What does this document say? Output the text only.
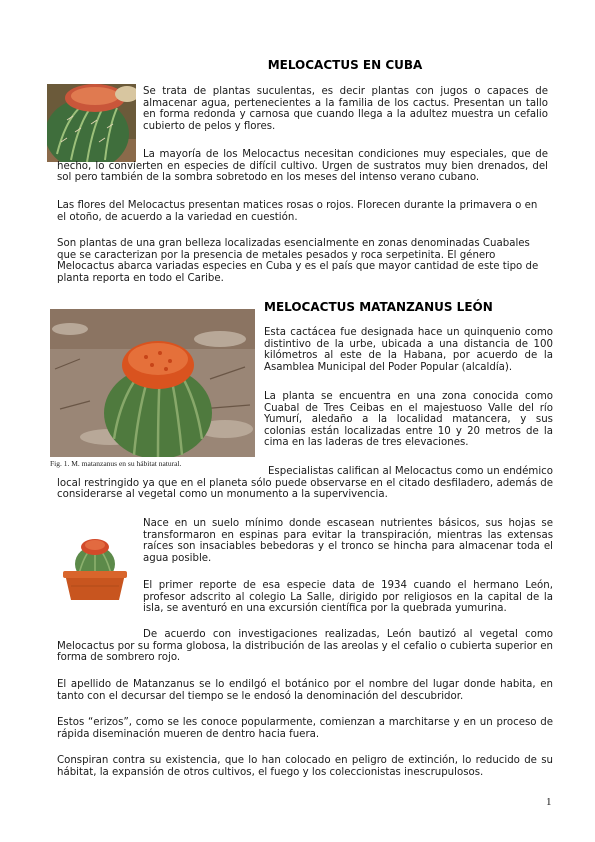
MELOCACTUS EN CUBA

Se trata de plantas suculentas, es decir plantas con jugos o capaces de almacenar agua, pertenecientes a la familia de los cactus. Presentan un tallo en forma redonda y carnosa que cuando llega a la adultez muestra un cefalio cubierto de pelos y flores.

La mayoría de los Melocactus necesitan condiciones muy especiales, que de hecho, lo convierten en especies de difícil cultivo. Urgen de sustratos muy bien drenados, del sol pero también de la sombra sobretodo en los meses del intenso verano cubano.

Las flores del Melocactus presentan matices rosas o rojos. Florecen durante la primavera o en el otoño, de acuerdo a la variedad en cuestión.

Son plantas de una gran belleza localizadas esencialmente en zonas denominadas Cuabales que se caracterizan por la presencia de metales pesados y roca serpetinita. El género Melocactus abarca variadas especies en Cuba y es el país que mayor cantidad de este tipo de planta reporta en todo el Caribe.

Fig. 1. M. matanzanus en su hábitat natural.
MELOCACTUS MATANZANUS LEÓN

Esta cactácea fue designada hace un quinquenio como distintivo de la urbe, ubicada a una distancia de 100 kilómetros al este de la Habana, por acuerdo de la Asamblea Municipal del Poder Popular (alcaldía).

La planta se encuentra en una zona conocida como Cuabal de Tres Ceibas en el majestuoso Valle del río Yumurí, aledaño a la localidad matancera, y sus colonias están localizadas entre 10 y 20 metros de la cima en las laderas de tres elevaciones.

Especialistas califican al Melocactus como un endémico local restringido ya que en el planeta sólo puede observarse en el citado desfiladero, además de considerarse al vegetal como un monumento a la supervivencia.

Nace en un suelo mínimo donde escasean nutrientes básicos, sus hojas se transformaron en espinas para evitar la transpiración, mientras las extensas raíces son insaciables bebedoras y el tronco se hincha para almacenar toda el agua posible.

El primer reporte de esa especie data de 1934 cuando el hermano León, profesor adscrito al colegio La Salle, dirigido por religiosos en la capital de la isla, se aventuró en una excursión científica por la quebrada yumurina.

De acuerdo con investigaciones realizadas, León bautizó al vegetal como Melocactus por su forma globosa, la distribución de las areolas y el cefalio o cubierta superior en forma de sombrero rojo.

El apellido de Matanzanus se lo endilgó el botánico por el nombre del lugar donde habita, en tanto con el decursar del tiempo se le endosó la denominación del descubridor.

Estos “erizos”, como se les conoce popularmente, comienzan a marchitarse y en un proceso de rápida diseminación mueren de dentro hacia fuera.

Conspiran contra su existencia, que lo han colocado en peligro de extinción, lo reducido de su hábitat, la expansión de otros cultivos, el fuego y los coleccionistas inescrupulosos.

1
